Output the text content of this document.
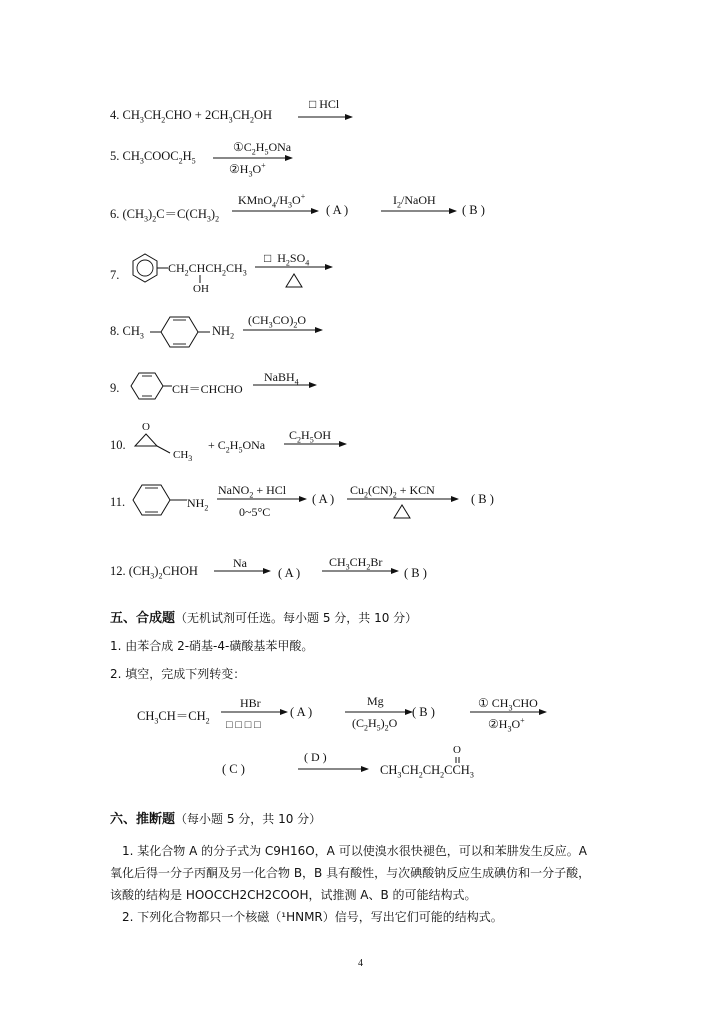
4. $CH_3CH_2CHO + 2CH_3CH_2OH$
□ HCl
5. $CH_3COOC_2H_5$
$①C_2H_5ONa$
$②H_3O^+$
6. $(CH_3)_2C=C(CH_3)_2$
$KMnO_4/H_3O^+$
( A )
$I_2$/NaOH
( B )
7.	$CH_2CHCH_2CH_3$
OH
□  $H_2SO_4$
8. $CH_3$	$NH_2$
$(CH_3CO)_2O$
9.	CH＝CHCHO
NaBH$_4$
10.
O
$CH_3$
+ $C_2H_5ONa$
$C_2H_5OH$
11.	$NH_2$
NaNO$_2$ + HCl
0~5°C
( A )
$Cu_2(CN)_2$ + KCN
( B )
12. $(CH_3)_2CHOH$
Na
( A )
$CH_3CH_2Br$
( B )
五、合成题（无机试剂可任选。每小题 5 分，共 10 分）
1. 由苯合成 2-硝基-4-磺酸基苯甲酸。
2. 填空，完成下列转变：
$CH_3CH=CH_2$
HBr
□ □ □ □
( A )
Mg
$(C_2H_5)_2O$
( B )
① $CH_3CHO$
$②H_3O^+$
( C )
( D )	O
$CH_3CH_2CH_2CCH_3$
六、推断题（每小题 5 分，共 10 分）
1. 某化合物 A 的分子式为 C9H16O，A 可以使溴水很快褪色，可以和苯肼发生反应。A
氧化后得一分子丙酮及另一化合物 B，B 具有酸性，与次碘酸钠反应生成碘仿和一分子酸，
该酸的结构是 HOOCCH2CH2COOH，试推测 A、B 的可能结构式。
2. 下列化合物都只一个核磁（¹HNMR）信号，写出它们可能的结构式。
4
